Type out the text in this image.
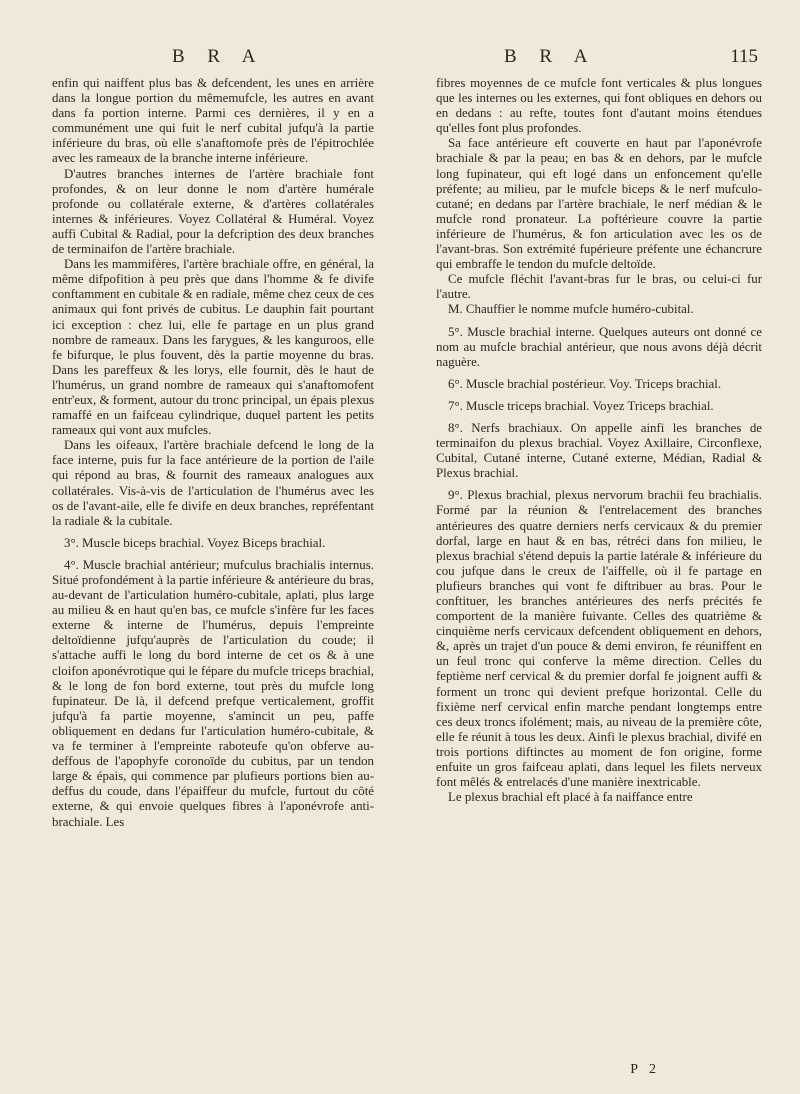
B R A	B R A	115

enfin qui naiffent plus bas & defcendent, les unes en arrière dans la longue portion du mêmemufcle, les autres en avant dans fa portion interne. Parmi ces dernières, il y en a communément une qui fuit le nerf cubital jufqu'à la partie inférieure du bras, où elle s'anaftomofe près de l'épitrochlée avec les rameaux de la branche interne inférieure.

D'autres branches internes de l'artère brachiale font profondes, & on leur donne le nom d'artère humérale profonde ou collatérale externe, & d'artères collatérales internes & inférieures. Voyez Collatéral & Huméral. Voyez auffi Cubital & Radial, pour la defcription des deux branches de terminaifon de l'artère brachiale.

Dans les mammifères, l'artère brachiale offre, en général, la même difpofition à peu près que dans l'homme & fe divife conftamment en cubitale & en radiale, même chez ceux de ces animaux qui font privés de cubitus. Le dauphin fait pourtant ici exception : chez lui, elle fe partage en un plus grand nombre de rameaux. Dans les farygues, & les kanguroos, elle fe bifurque, le plus fouvent, dès la partie moyenne du bras. Dans les pareffeux & les lorys, elle fournit, dès le haut de l'humérus, un grand nombre de rameaux qui s'anaftomofent entr'eux, & forment, autour du tronc principal, un épais plexus ramaffé en un faifceau cylindrique, duquel partent les petits rameaux qui vont aux mufcles.

Dans les oifeaux, l'artère brachiale defcend le long de la face interne, puis fur la face antérieure de la portion de l'aile qui répond au bras, & fournit des rameaux analogues aux collatérales. Vis-à-vis de l'articulation de l'humérus avec les os de l'avant-aile, elle fe divife en deux branches, repréfentant la radiale & la cubitale.

3°. Muscle biceps brachial. Voyez Biceps brachial.

4°. Muscle brachial antérieur; mufculus brachialis internus. Situé profondément à la partie inférieure & antérieure du bras, au-devant de l'articulation huméro-cubitale, aplati, plus large au milieu & en haut qu'en bas, ce mufcle s'infère fur les faces externe & interne de l'humérus, depuis l'empreinte deltoïdienne jufqu'auprès de l'articulation du coude; il s'attache auffi le long du bord interne de cet os & à une cloifon aponévrotique qui le fépare du mufcle triceps brachial, & le long de fon bord externe, tout près du mufcle long fupinateur. De là, il defcend prefque verticalement, groffit jufqu'à fa partie moyenne, s'amincit un peu, paffe obliquement en dedans fur l'articulation huméro-cubitale, & va fe terminer à l'empreinte raboteufe qu'on obferve au-deffous de l'apophyfe coronoïde du cubitus, par un tendon large & épais, qui commence par plufieurs portions bien au-deffus du coude, dans l'épaiffeur du mufcle, furtout du côté externe, & qui envoie quelques fibres à l'aponévrofe anti-brachiale. Les

fibres moyennes de ce mufcle font verticales & plus longues que les internes ou les externes, qui font obliques en dehors ou en dedans : au refte, toutes font d'autant moins étendues qu'elles font plus profondes.

Sa face antérieure eft couverte en haut par l'aponévrofe brachiale & par la peau; en bas & en dehors, par le mufcle long fupinateur, qui eft logé dans un enfoncement qu'elle préfente; au milieu, par le mufcle biceps & le nerf mufculo-cutané; en dedans par l'artère brachiale, le nerf médian & le mufcle rond pronateur. La poftérieure couvre la partie inférieure de l'humérus, & fon articulation avec les os de l'avant-bras. Son extrémité fupérieure préfente une échancrure qui embraffe le tendon du mufcle deltoïde.

Ce mufcle fléchit l'avant-bras fur le bras, ou celui-ci fur l'autre.

M. Chauffier le nomme mufcle huméro-cubital.

5°. Muscle brachial interne. Quelques auteurs ont donné ce nom au mufcle brachial antérieur, que nous avons déjà décrit naguère.

6°. Muscle brachial postérieur. Voy. Triceps brachial.

7°. Muscle triceps brachial. Voyez Triceps brachial.

8°. Nerfs brachiaux. On appelle ainfi les branches de terminaifon du plexus brachial. Voyez Axillaire, Circonflexe, Cubital, Cutané interne, Cutané externe, Médian, Radial & Plexus brachial.

9°. Plexus brachial, plexus nervorum brachii feu brachialis. Formé par la réunion & l'entrelacement des branches antérieures des quatre derniers nerfs cervicaux & du premier dorfal, large en haut & en bas, rétréci dans fon milieu, le plexus brachial s'étend depuis la partie latérale & inférieure du cou jufque dans le creux de l'aiffelle, où il fe partage en plufieurs branches qui vont fe diftribuer au bras. Pour le conftituer, les branches antérieures des nerfs précités fe comportent de la manière fuivante. Celles des quatrième & cinquième nerfs cervicaux defcendent obliquement en dehors, &, après un trajet d'un pouce & demi environ, fe réuniffent en un feul tronc qui conferve la même direction. Celles du feptième nerf cervical & du premier dorfal fe joignent auffi & forment un tronc qui devient prefque horizontal. Celle du fixième nerf cervical enfin marche pendant longtemps entre ces deux troncs ifolément; mais, au niveau de la première côte, elle fe réunit à tous les deux. Ainfi le plexus brachial, divifé en trois portions diftinctes au moment de fon origine, forme enfuite un gros faifceau aplati, dans lequel les filets nerveux font mêlés & entrelacés d'une manière inextricable.

Le plexus brachial eft placé à fa naiffance entre

P 2
